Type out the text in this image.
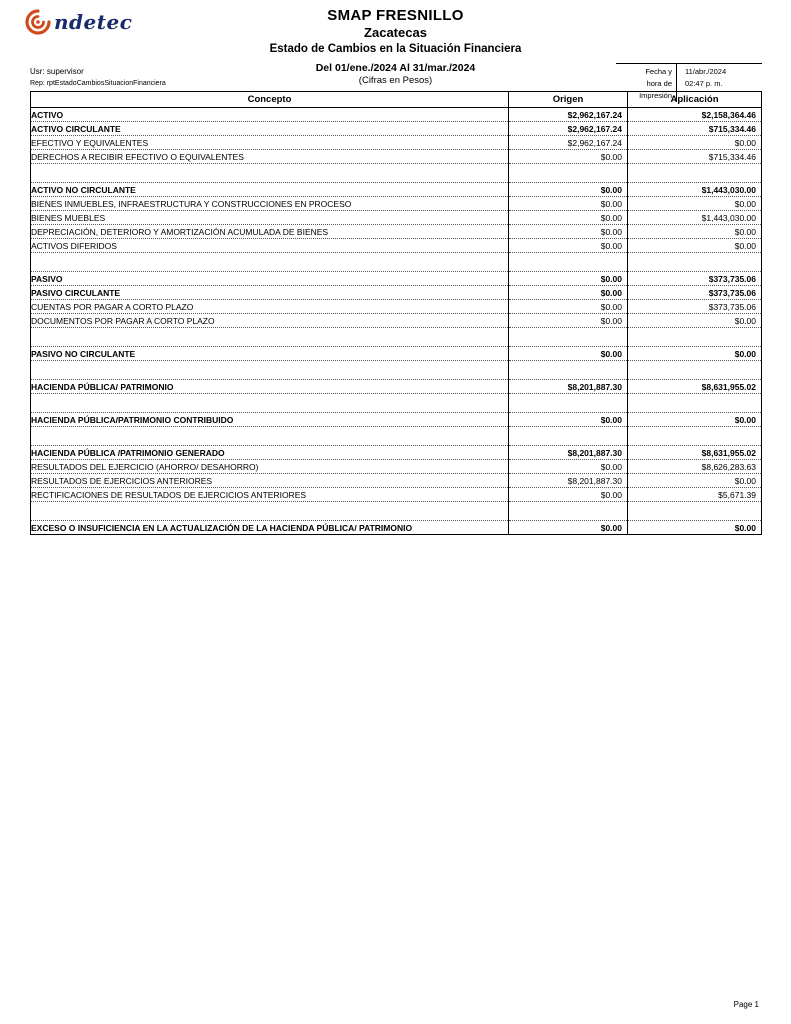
ndetec	SMAP FRESNILLO
Zacatecas
Estado de Cambios en la Situación Financiera
Del 01/ene./2024 Al 31/mar./2024
(Cifras en Pesos)
Usr: supervisor
Rep: rptEstadoCambiosSituacionFinanciera
Fecha y
hora de Impresión
11/abr./2024
02:47 p. m.
Concepto	Origen	Aplicación
ACTIVO	$2,962,167.24	$2,158,364.46
ACTIVO CIRCULANTE	$2,962,167.24	$715,334.46
EFECTIVO Y EQUIVALENTES	$2,962,167.24	$0.00
DERECHOS A RECIBIR EFECTIVO O EQUIVALENTES	$0.00	$715,334.46

ACTIVO NO CIRCULANTE	$0.00	$1,443,030.00
BIENES INMUEBLES, INFRAESTRUCTURA Y CONSTRUCCIONES EN PROCESO	$0.00	$0.00
BIENES MUEBLES	$0.00	$1,443,030.00
DEPRECIACIÓN, DETERIORO Y AMORTIZACIÓN ACUMULADA DE BIENES	$0.00	$0.00
ACTIVOS DIFERIDOS	$0.00	$0.00

PASIVO	$0.00	$373,735.06
PASIVO CIRCULANTE	$0.00	$373,735.06
CUENTAS POR PAGAR A CORTO PLAZO	$0.00	$373,735.06
DOCUMENTOS POR PAGAR A CORTO PLAZO	$0.00	$0.00

PASIVO NO CIRCULANTE	$0.00	$0.00

HACIENDA PÚBLICA/ PATRIMONIO	$8,201,887.30	$8,631,955.02

HACIENDA PÚBLICA/PATRIMONIO CONTRIBUIDO	$0.00	$0.00

HACIENDA PÚBLICA /PATRIMONIO GENERADO	$8,201,887.30	$8,631,955.02
RESULTADOS DEL EJERCICIO (AHORRO/ DESAHORRO)	$0.00	$8,626,283.63
RESULTADOS DE EJERCICIOS ANTERIORES	$8,201,887.30	$0.00
RECTIFICACIONES DE RESULTADOS DE EJERCICIOS ANTERIORES	$0.00	$5,671.39

EXCESO O INSUFICIENCIA EN LA ACTUALIZACIÓN DE LA HACIENDA PÚBLICA/ PATRIMONIO	$0.00	$0.00
Page 1
